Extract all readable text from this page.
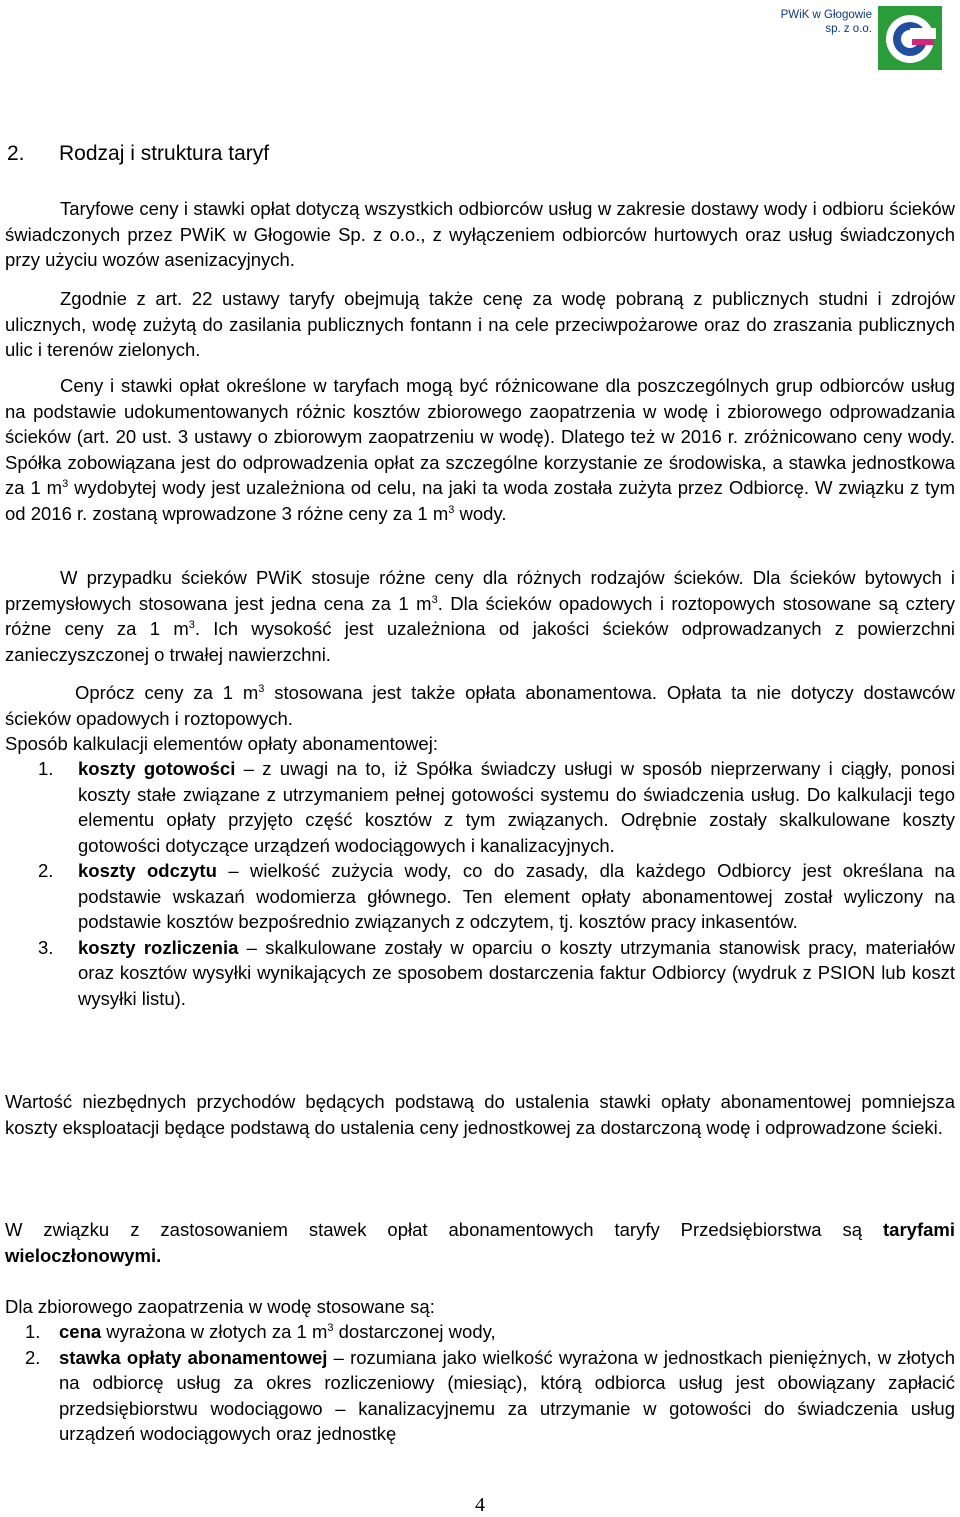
PWiK w Głogowie
sp. z o.o.
2. Rodzaj i struktura taryf

Taryfowe ceny i stawki opłat dotyczą wszystkich odbiorców usług w zakresie dostawy wody i odbioru ścieków świadczonych przez PWiK w Głogowie Sp. z o.o., z wyłączeniem odbiorców hurtowych oraz usług świadczonych przy użyciu wozów asenizacyjnych.

Zgodnie z art. 22 ustawy taryfy obejmują także cenę za wodę pobraną z publicznych studni i zdrojów ulicznych, wodę zużytą do zasilania publicznych fontann i na cele przeciwpożarowe oraz do zraszania publicznych ulic i terenów zielonych.

Ceny i stawki opłat określone w taryfach mogą być różnicowane dla poszczególnych grup odbiorców usług na podstawie udokumentowanych różnic kosztów zbiorowego zaopatrzenia w wodę i zbiorowego odprowadzania ścieków (art. 20 ust. 3 ustawy o zbiorowym zaopatrzeniu w wodę). Dlatego też w 2016 r. zróżnicowano ceny wody. Spółka zobowiązana jest do odprowadzenia opłat za szczególne korzystanie ze środowiska, a stawka jednostkowa za 1 $m^3$ wydobytej wody jest uzależniona od celu, na jaki ta woda została zużyta przez Odbiorcę. W związku z tym od 2016 r. zostaną wprowadzone 3 różne ceny za 1 $m^3$ wody.

W przypadku ścieków PWiK stosuje różne ceny dla różnych rodzajów ścieków. Dla ścieków bytowych i przemysłowych stosowana jest jedna cena za 1 $m^3$. Dla ścieków opadowych i roztopowych stosowane są cztery różne ceny za 1 $m^3$. Ich wysokość jest uzależniona od jakości ścieków odprowadzanych z powierzchni zanieczyszczonej o trwałej nawierzchni.

Oprócz ceny za 1 $m^3$ stosowana jest także opłata abonamentowa. Opłata ta nie dotyczy dostawców ścieków opadowych i roztopowych.

Sposób kalkulacji elementów opłaty abonamentowej:

1. koszty gotowości – z uwagi na to, iż Spółka świadczy usługi w sposób nieprzerwany i ciągły, ponosi koszty stałe związane z utrzymaniem pełnej gotowości systemu do świadczenia usług. Do kalkulacji tego elementu opłaty przyjęto część kosztów z tym związanych. Odrębnie zostały skalkulowane koszty gotowości dotyczące urządzeń wodociągowych i kanalizacyjnych.
2. koszty odczytu – wielkość zużycia wody, co do zasady, dla każdego Odbiorcy jest określana na podstawie wskazań wodomierza głównego. Ten element opłaty abonamentowej został wyliczony na podstawie kosztów bezpośrednio związanych z odczytem, tj. kosztów pracy inkasentów.
3. koszty rozliczenia – skalkulowane zostały w oparciu o koszty utrzymania stanowisk pracy, materiałów oraz kosztów wysyłki wynikających ze sposobem dostarczenia faktur Odbiorcy (wydruk z PSION lub koszt wysyłki listu).

Wartość niezbędnych przychodów będących podstawą do ustalenia stawki opłaty abonamentowej pomniejsza koszty eksploatacji będące podstawą do ustalenia ceny jednostkowej za dostarczoną wodę i odprowadzone ścieki.

W związku z zastosowaniem stawek opłat abonamentowych taryfy Przedsiębiorstwa są taryfami wieloczłonowymi.

Dla zbiorowego zaopatrzenia w wodę stosowane są:

1. cena wyrażona w złotych za 1 $m^3$ dostarczonej wody,
2. stawka opłaty abonamentowej – rozumiana jako wielkość wyrażona w jednostkach pieniężnych, w złotych na odbiorcę usług za okres rozliczeniowy (miesiąc), którą odbiorca usług jest obowiązany zapłacić przedsiębiorstwu wodociągowo – kanalizacyjnemu za utrzymanie w gotowości do świadczenia usług urządzeń wodociągowych oraz jednostkę
4
